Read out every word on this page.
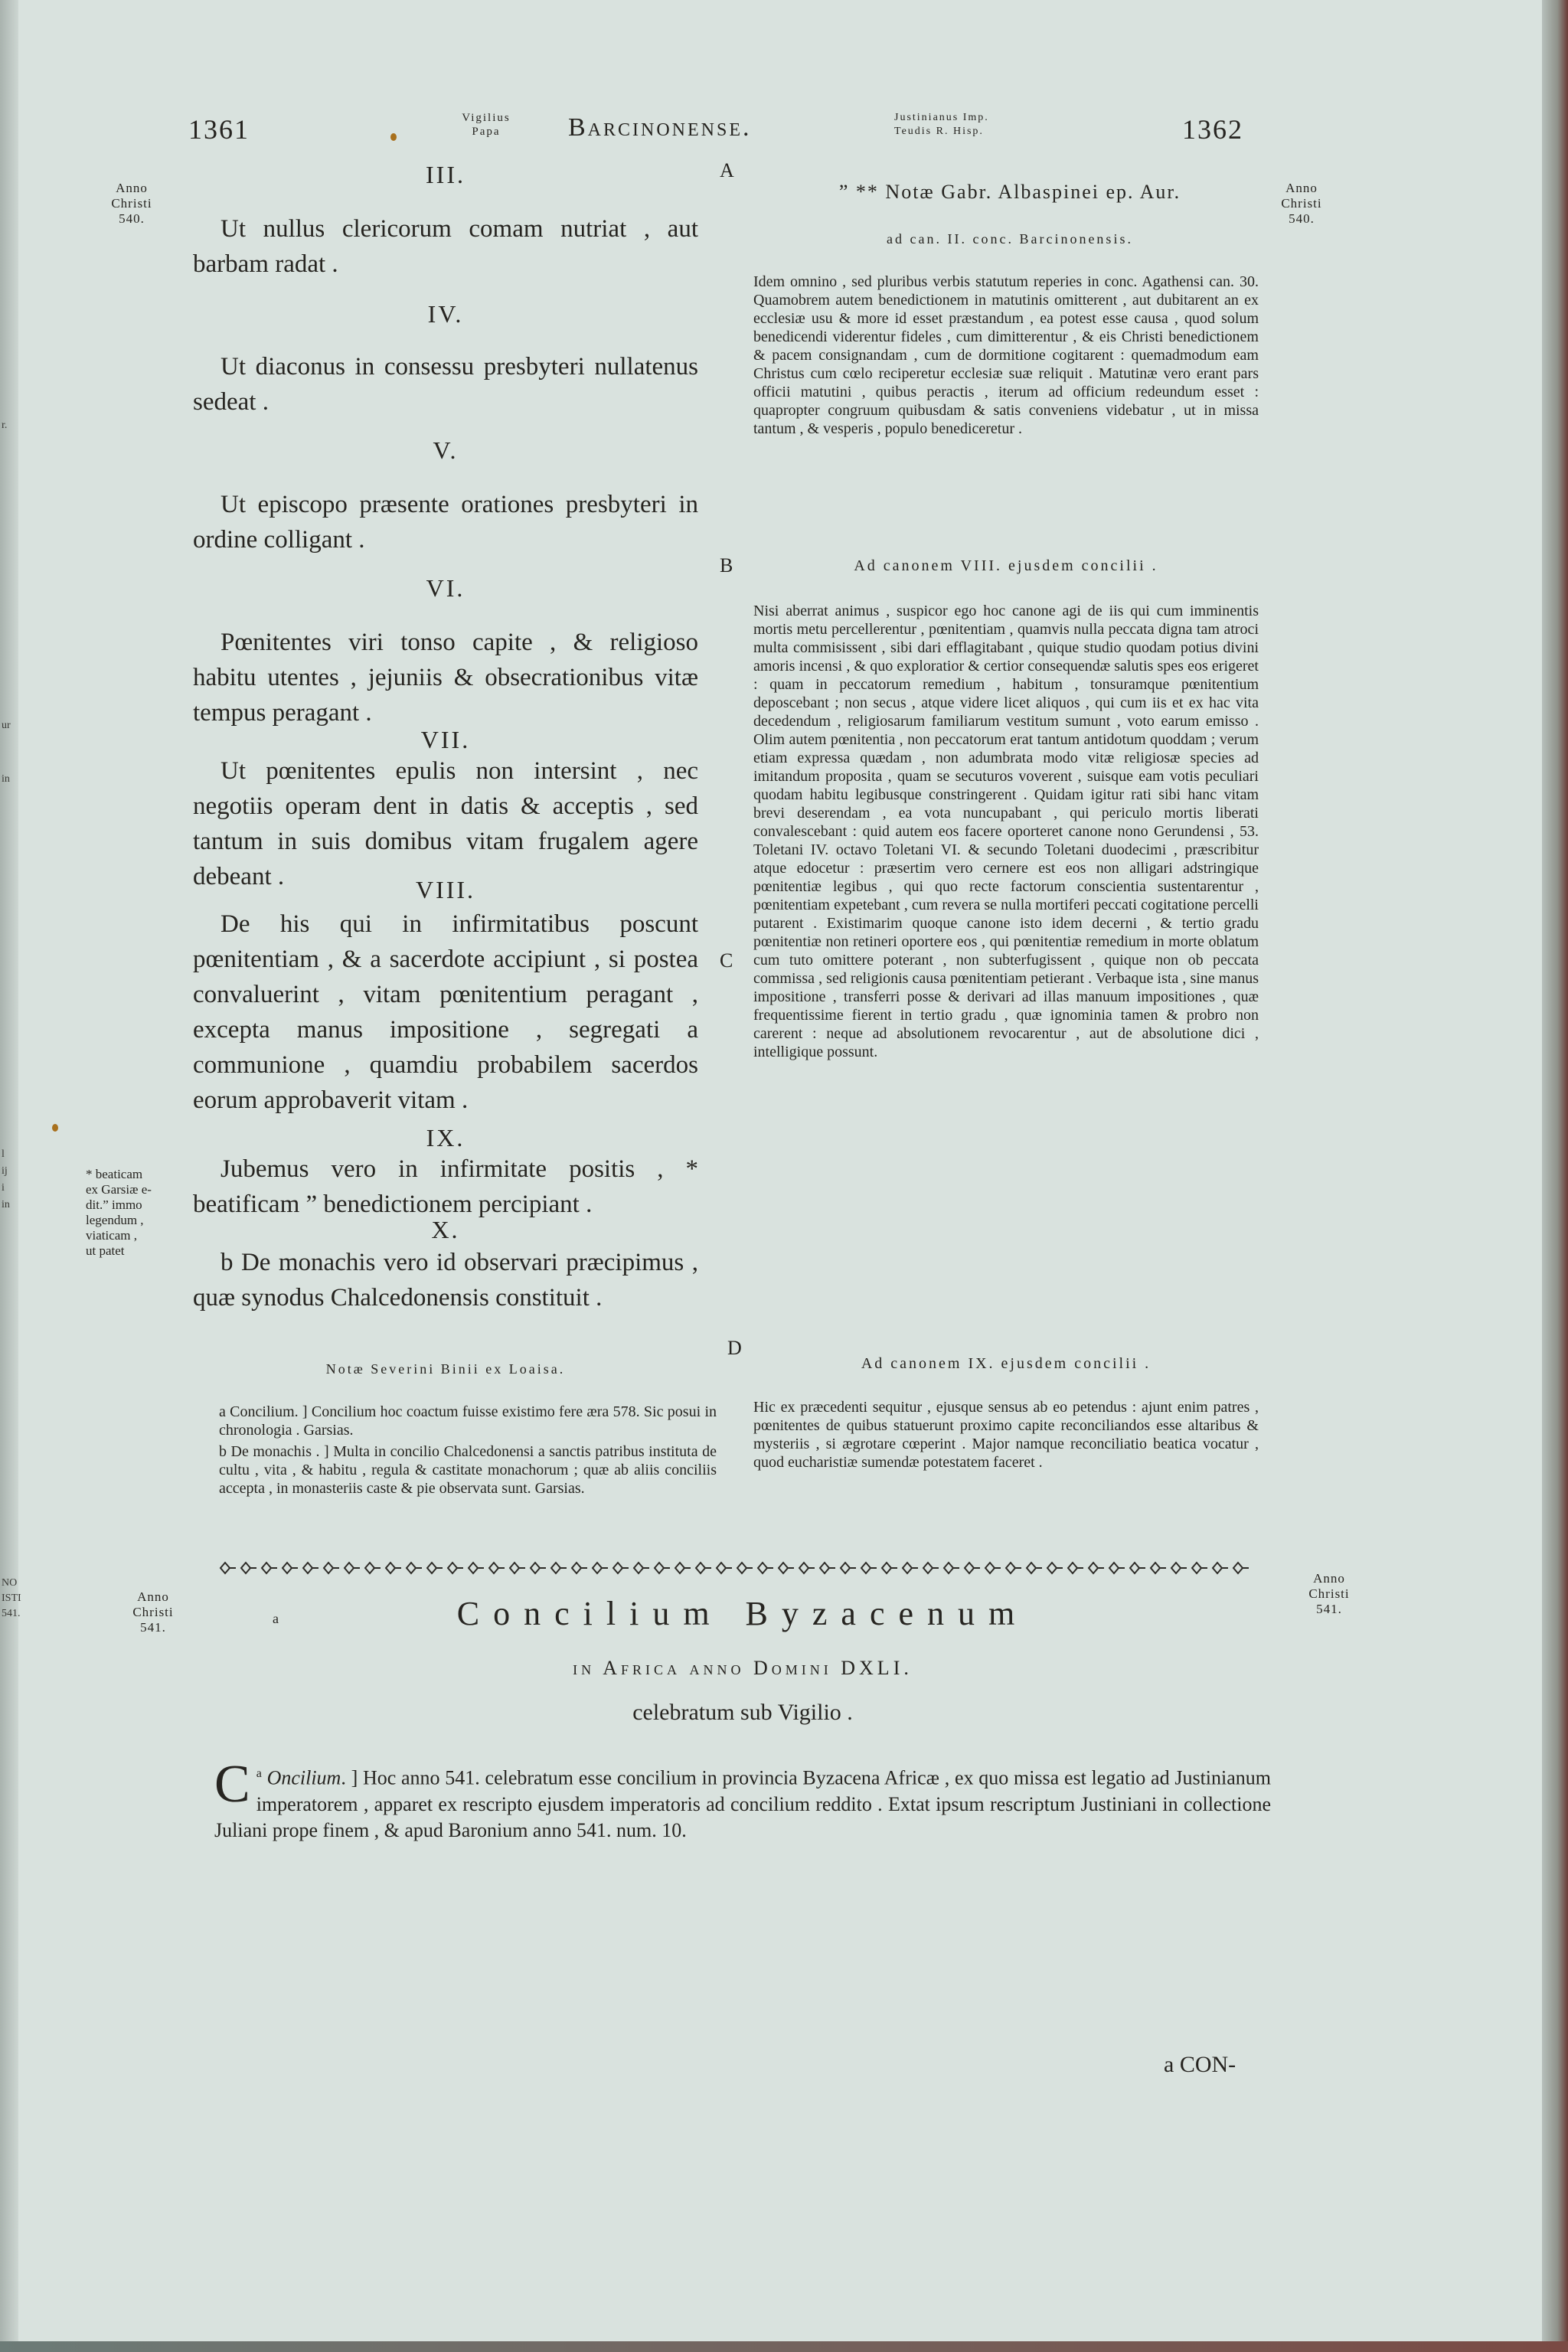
1361	Vigilius
Papa	Barcinonense.	Justinianus Imp.
Teudis R. Hisp.	1362
A
B
C
D
Anno
Christi
540.
Anno
Christi
540.
Anno
Christi
541.
Anno
Christi
541.
* beaticam
ex Garsiæ e-
dit.” immo
legendum ,
viaticam ,
ut patet
r.
ur
in
l
ij
i
in
NO
ISTI
541.
III.
Ut nullus clericorum comam nutriat , aut barbam radat .
IV.
Ut diaconus in consessu presbyteri nullatenus sedeat .
V.
Ut episcopo præsente orationes presbyteri in ordine colligant .
VI.
Pœnitentes viri tonso capite , & religioso habitu utentes , jejuniis & obsecrationibus vitæ tempus peragant .
VII.
Ut pœnitentes epulis non intersint , nec negotiis operam dent in datis & acceptis , sed tantum in suis domibus vitam frugalem agere debeant .	VIII.
De his qui in infirmitatibus poscunt pœnitentiam , & a sacerdote accipiunt , si postea convaluerint , vitam pœnitentium peragant , excepta manus impositione , segregati a communione , quamdiu probabilem sacerdos eorum approbaverit vitam .
IX.
Jubemus vero in infirmitate positis , * beatificam ” benedictionem percipiant .
X.
b De monachis vero id observari præcipimus , quæ synodus Chalcedonensis constituit .
Notæ Severini Binii ex Loaisa.

a Concilium. ] Concilium hoc coactum fuisse existimo fere æra 578. Sic posui in chronologia . Garsias.

b De monachis . ] Multa in concilio Chalcedonensi a sanctis patribus instituta de cultu , vita , & habitu , regula & castitate monachorum ; quæ ab aliis conciliis accepta , in monasteriis caste & pie observata sunt. Garsias.

” ** Notæ Gabr. Albaspinei ep. Aur.
ad can. II. conc. Barcinonensis.

Idem omnino , sed pluribus verbis statutum reperies in conc. Agathensi can. 30. Quamobrem autem benedictionem in matutinis omitterent , aut dubitarent an ex ecclesiæ usu & more id esset præstandum , ea potest esse causa , quod solum benedicendi viderentur fideles , cum dimitterentur , & eis Christi benedictionem & pacem consignandam , cum de dormitione cogitarent : quemadmodum eam Christus cum cœlo reciperetur ecclesiæ suæ reliquit . Matutinæ vero erant pars officii matutini , quibus peractis , iterum ad officium redeundum esset : quapropter congruum quibusdam & satis conveniens videbatur , ut in missa tantum , & vesperis , populo benediceretur .

Ad canonem VIII. ejusdem concilii .

Nisi aberrat animus , suspicor ego hoc canone agi de iis qui cum imminentis mortis metu percellerentur , pœnitentiam , quamvis nulla peccata digna tam atroci multa commisissent , sibi dari efflagitabant , quique studio quodam potius divini amoris incensi , & quo exploratior & certior consequendæ salutis spes eos erigeret : quam in peccatorum remedium , habitum , tonsuramque pœnitentium deposcebant ; non secus , atque videre licet aliquos , qui cum iis et ex hac vita decedendum , religiosarum familiarum vestitum sumunt , voto earum emisso . Olim autem pœnitentia , non peccatorum erat tantum antidotum quoddam ; verum etiam expressa quædam , non adumbrata modo vitæ religiosæ species ad imitandum proposita , quam se secuturos voverent , suisque eam votis peculiari quodam habitu legibusque constringerent . Quidam igitur rati sibi hanc vitam brevi deserendam , ea vota nuncupabant , qui periculo mortis liberati convalescebant : quid autem eos facere oporteret canone nono Gerundensi , 53. Toletani IV. octavo Toletani VI. & secundo Toletani duodecimi , præscribitur atque edocetur : præsertim vero cernere est eos non alligari adstringique pœnitentiæ legibus , qui quo recte factorum conscientia sustentarentur , pœnitentiam expetebant , cum revera se nulla mortiferi peccati cogitatione percelli putarent . Existimarim quoque canone isto idem decerni , & tertio gradu pœnitentiæ non retineri oportere eos , qui pœnitentiæ remedium in morte oblatum cum tuto omittere poterant , non subterfugissent , quique non ob peccata commissa , sed religionis causa pœnitentiam petierant . Verbaque ista , sine manus impositione , transferri posse & derivari ad illas manuum impositiones , quæ frequentissime fierent in tertio gradu , quæ ignominia tamen & probro non carerent : neque ad absolutionem revocarentur , aut de absolutione dici , intelligique possunt.

Ad canonem IX. ejusdem concilii .

Hic ex præcedenti sequitur , ejusque sensus ab eo petendus : ajunt enim patres , pœnitentes de quibus statuerunt proximo capite reconciliandos esse altaribus & mysteriis , si ægrotare cœperint . Major namque reconciliatio beatica vocatur , quod eucharistiæ sumendæ potestatem faceret .

a	Concilium Byzacenum
in Africa anno Domini DXLI.
celebratum sub Vigilio .
$^a$
C Oncilium. ] Hoc anno 541. celebratum esse concilium in provincia Byzacena Africæ , ex quo missa est legatio ad Justinianum imperatorem , apparet ex rescripto ejusdem imperatoris ad concilium reddito . Extat ipsum rescriptum Justiniani in collectione Juliani prope finem , & apud Baronium anno 541. num. 10.
a CON-
